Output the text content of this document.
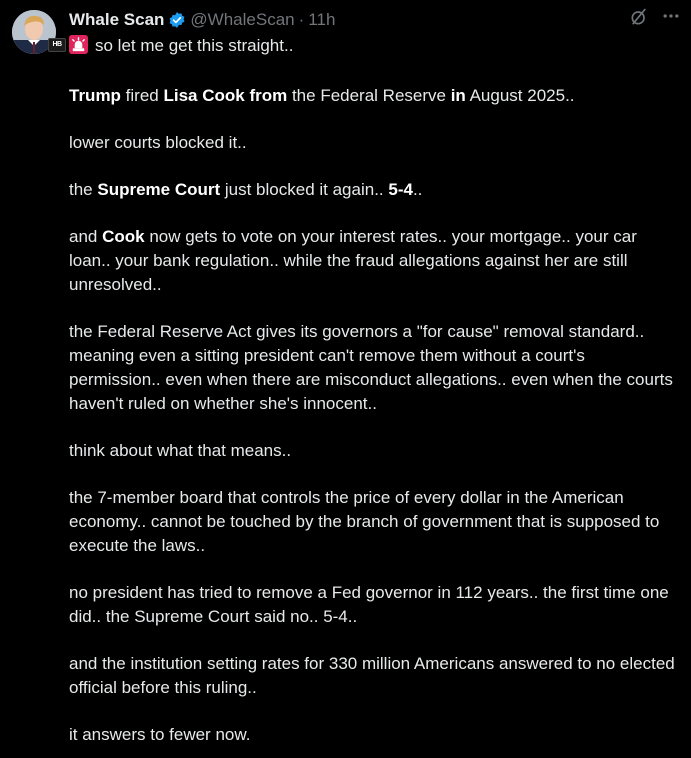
HB
Whale Scan @WhaleScan · 11h

so let me get this straight..

Trump fired Lisa Cook from the Federal Reserve in August 2025..

lower courts blocked it..

the Supreme Court just blocked it again.. 5-4..

and Cook now gets to vote on your interest rates.. your mortgage.. your car loan.. your bank regulation.. while the fraud allegations against her are still unresolved..

the Federal Reserve Act gives its governors a "for cause" removal standard.. meaning even a sitting president can't remove them without a court's permission.. even when there are misconduct allegations.. even when the courts haven't ruled on whether she's innocent..

think about what that means..

the 7-member board that controls the price of every dollar in the American economy.. cannot be touched by the branch of government that is supposed to execute the laws..

no president has tried to remove a Fed governor in 112 years.. the first time one did.. the Supreme Court said no.. 5-4..

and the institution setting rates for 330 million Americans answered to no elected official before this ruling..

it answers to fewer now.
